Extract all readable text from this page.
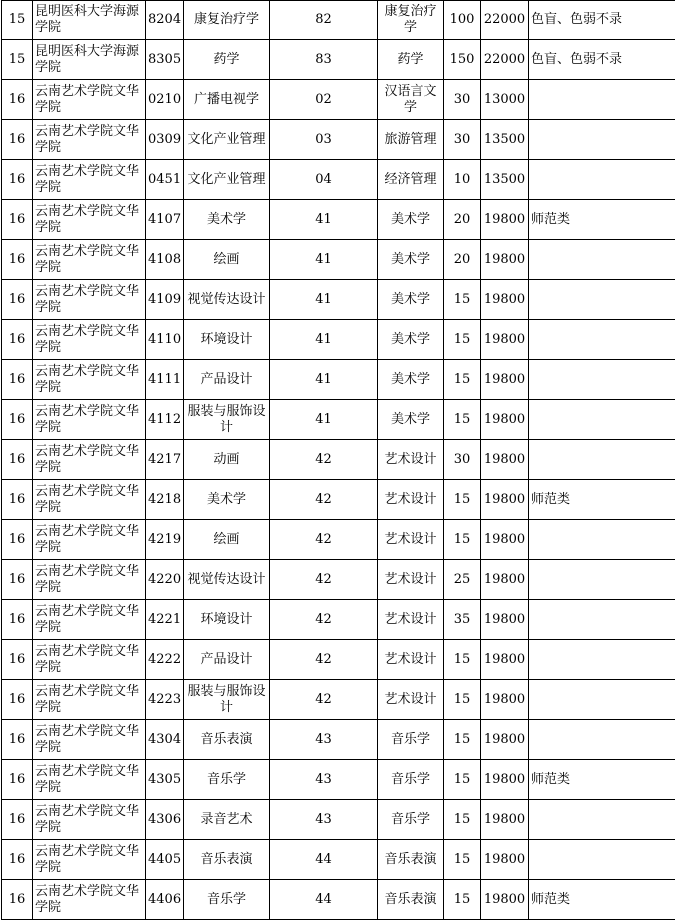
15	昆明医科大学海源学院	8204	康复治疗学	82	康复治疗学	100	22000	色盲、色弱不录
15	昆明医科大学海源学院	8305	药学	83	药学	150	22000	色盲、色弱不录
16	云南艺术学院文华学院	0210	广播电视学	02	汉语言文学	30	13000	
16	云南艺术学院文华学院	0309	文化产业管理	03	旅游管理	30	13500	
16	云南艺术学院文华学院	0451	文化产业管理	04	经济管理	10	13500	
16	云南艺术学院文华学院	4107	美术学	41	美术学	20	19800	师范类
16	云南艺术学院文华学院	4108	绘画	41	美术学	20	19800	
16	云南艺术学院文华学院	4109	视觉传达设计	41	美术学	15	19800	
16	云南艺术学院文华学院	4110	环境设计	41	美术学	15	19800	
16	云南艺术学院文华学院	4111	产品设计	41	美术学	15	19800	
16	云南艺术学院文华学院	4112	服装与服饰设计	41	美术学	15	19800	
16	云南艺术学院文华学院	4217	动画	42	艺术设计	30	19800	
16	云南艺术学院文华学院	4218	美术学	42	艺术设计	15	19800	师范类
16	云南艺术学院文华学院	4219	绘画	42	艺术设计	15	19800	
16	云南艺术学院文华学院	4220	视觉传达设计	42	艺术设计	25	19800	
16	云南艺术学院文华学院	4221	环境设计	42	艺术设计	35	19800	
16	云南艺术学院文华学院	4222	产品设计	42	艺术设计	15	19800	
16	云南艺术学院文华学院	4223	服装与服饰设计	42	艺术设计	15	19800	
16	云南艺术学院文华学院	4304	音乐表演	43	音乐学	15	19800	
16	云南艺术学院文华学院	4305	音乐学	43	音乐学	15	19800	师范类
16	云南艺术学院文华学院	4306	录音艺术	43	音乐学	15	19800	
16	云南艺术学院文华学院	4405	音乐表演	44	音乐表演	15	19800	
16	云南艺术学院文华学院	4406	音乐学	44	音乐表演	15	19800	师范类
